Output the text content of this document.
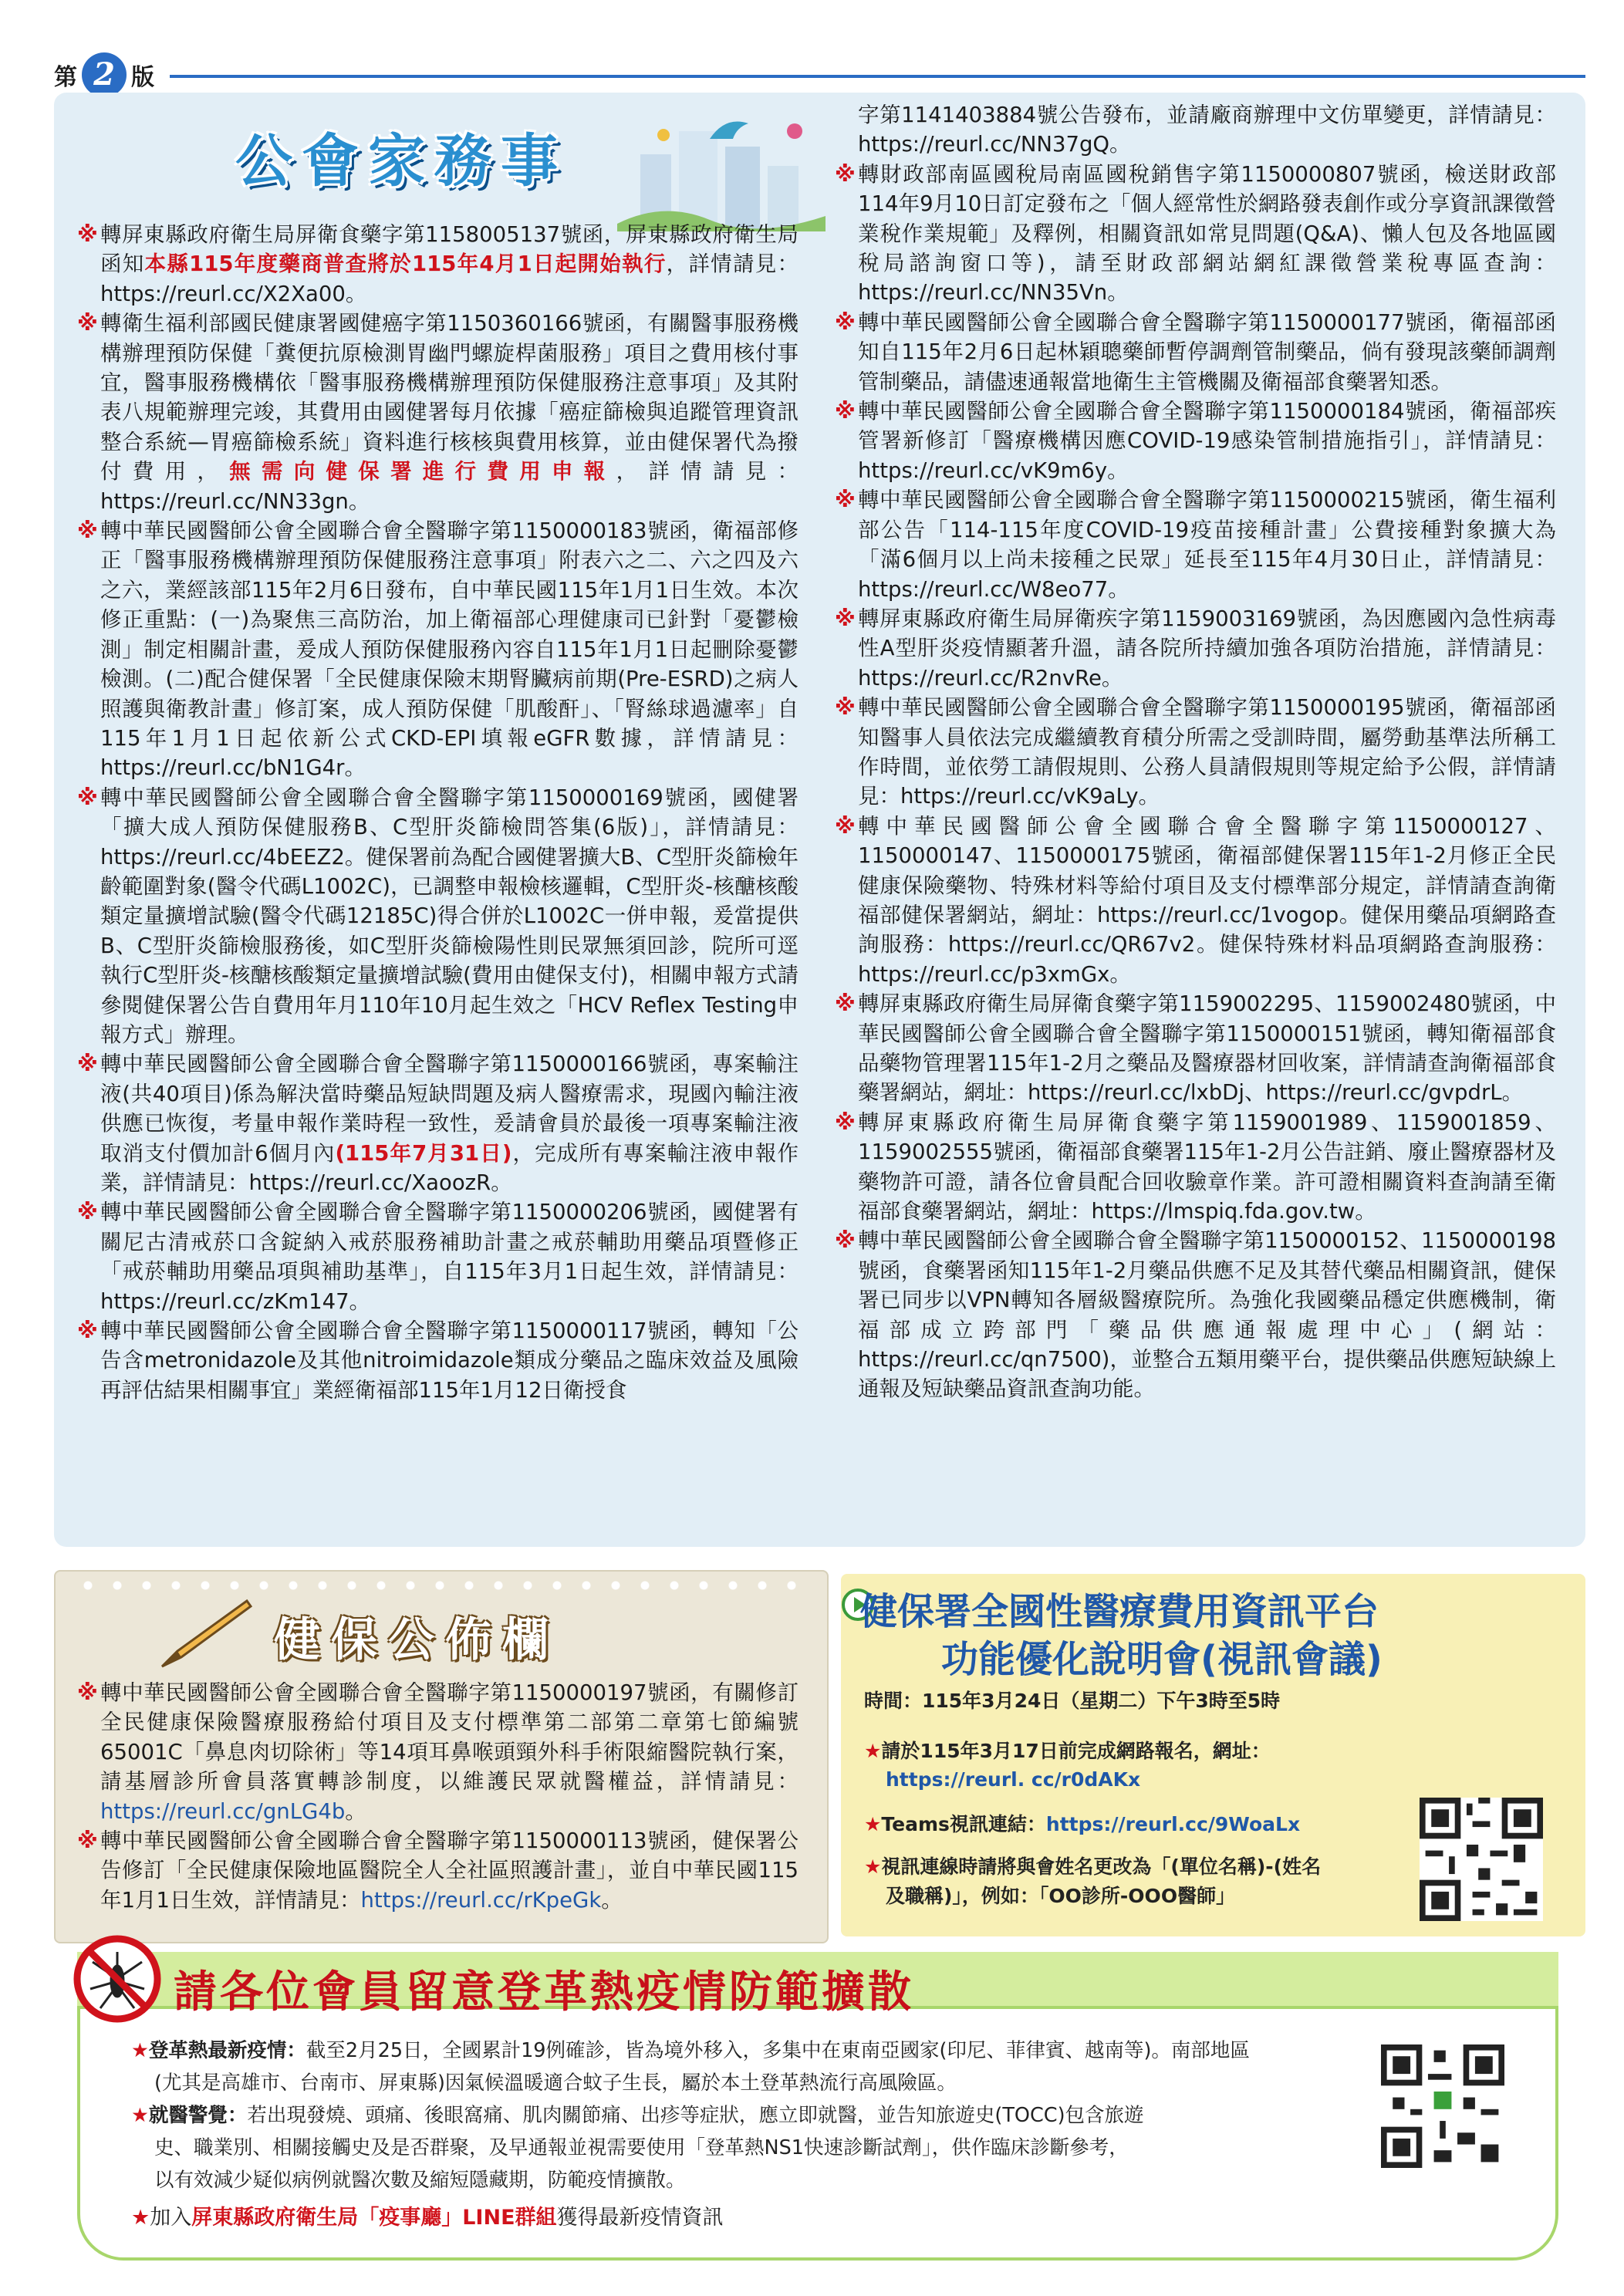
第 2 版
公會家務事

※ 轉屏東縣政府衛生局屏衛食藥字第1158005137號函，屏東縣政府衛生局函知本縣115年度藥商普查將於115年4月1日起開始執行，詳情請見：https://reurl.cc/X2Xa00。

※ 轉衛生福利部國民健康署國健癌字第1150360166號函，有關醫事服務機構辦理預防保健「糞便抗原檢測胃幽門螺旋桿菌服務」項目之費用核付事宜，醫事服務機構依「醫事服務機構辦理預防保健服務注意事項」及其附表八規範辦理完竣，其費用由國健署每月依據「癌症篩檢與追蹤管理資訊整合系統—胃癌篩檢系統」資料進行核核與費用核算，並由健保署代為撥付費用，無需向健保署進行費用申報，詳情請見：https://reurl.cc/NN33gn。

※ 轉中華民國醫師公會全國聯合會全醫聯字第1150000183號函，衛福部修正「醫事服務機構辦理預防保健服務注意事項」附表六之二、六之四及六之六，業經該部115年2月6日發布，自中華民國115年1月1日生效。本次修正重點：(一)為聚焦三高防治，加上衛福部心理健康司已針對「憂鬱檢測」制定相關計畫，爰成人預防保健服務內容自115年1月1日起刪除憂鬱檢測。(二)配合健保署「全民健康保險末期腎臟病前期(Pre-ESRD)之病人照護與衛教計畫」修訂案，成人預防保健「肌酸酐」、「腎絲球過濾率」自115年1月1日起依新公式CKD-EPI填報eGFR數據，詳情請見：https://reurl.cc/bN1G4r。

※ 轉中華民國醫師公會全國聯合會全醫聯字第1150000169號函，國健署「擴大成人預防保健服務B、C型肝炎篩檢問答集(6版)」，詳情請見：https://reurl.cc/4bEEZ2。健保署前為配合國健署擴大B、C型肝炎篩檢年齡範圍對象(醫令代碼L1002C)，已調整申報檢核邏輯，C型肝炎-核醣核酸類定量擴增試驗(醫令代碼12185C)得合併於L1002C一併申報，爰當提供B、C型肝炎篩檢服務後，如C型肝炎篩檢陽性則民眾無須回診，院所可逕執行C型肝炎-核醣核酸類定量擴增試驗(費用由健保支付)，相關申報方式請參閱健保署公告自費用年月110年10月起生效之「HCV Reflex Testing申報方式」辦理。

※ 轉中華民國醫師公會全國聯合會全醫聯字第1150000166號函，專案輸注液(共40項目)係為解決當時藥品短缺問題及病人醫療需求，現國內輸注液供應已恢復，考量申報作業時程一致性，爰請會員於最後一項專案輸注液取消支付價加計6個月內(115年7月31日)，完成所有專案輸注液申報作業，詳情請見：https://reurl.cc/XaoozR。

※ 轉中華民國醫師公會全國聯合會全醫聯字第1150000206號函，國健署有關尼古清戒菸口含錠納入戒菸服務補助計畫之戒菸輔助用藥品項暨修正「戒菸輔助用藥品項與補助基準」，自115年3月1日起生效，詳情請見：https://reurl.cc/zKm147。

※ 轉中華民國醫師公會全國聯合會全醫聯字第1150000117號函，轉知「公告含metronidazole及其他nitroimidazole類成分藥品之臨床效益及風險再評估結果相關事宜」業經衛福部115年1月12日衛授食

字第1141403884號公告發布，並請廠商辦理中文仿單變更，詳情請見：https://reurl.cc/NN37gQ。

※ 轉財政部南區國稅局南區國稅銷售字第1150000807號函，檢送財政部114年9月10日訂定發布之「個人經常性於網路發表創作或分享資訊課徵營業稅作業規範」及釋例，相關資訊如常見問題(Q&A)、懶人包及各地區國稅局諮詢窗口等)，請至財政部網站網紅課徵營業稅專區查詢：https://reurl.cc/NN35Vn。

※ 轉中華民國醫師公會全國聯合會全醫聯字第1150000177號函，衛福部函知自115年2月6日起林穎聰藥師暫停調劑管制藥品，倘有發現該藥師調劑管制藥品，請儘速通報當地衛生主管機關及衛福部食藥署知悉。

※ 轉中華民國醫師公會全國聯合會全醫聯字第1150000184號函，衛福部疾管署新修訂「醫療機構因應COVID-19感染管制措施指引」，詳情請見：https://reurl.cc/vK9m6y。

※ 轉中華民國醫師公會全國聯合會全醫聯字第1150000215號函，衛生福利部公告「114-115年度COVID-19疫苗接種計畫」公費接種對象擴大為「滿6個月以上尚未接種之民眾」延長至115年4月30日止，詳情請見：https://reurl.cc/W8eo77。

※ 轉屏東縣政府衛生局屏衛疾字第1159003169號函，為因應國內急性病毒性A型肝炎疫情顯著升溫，請各院所持續加強各項防治措施，詳情請見：https://reurl.cc/R2nvRe。

※ 轉中華民國醫師公會全國聯合會全醫聯字第1150000195號函，衛福部函知醫事人員依法完成繼續教育積分所需之受訓時間，屬勞動基準法所稱工作時間，並依勞工請假規則、公務人員請假規則等規定給予公假，詳情請見：https://reurl.cc/vK9aLy。

※ 轉中華民國醫師公會全國聯合會全醫聯字第1150000127、1150000147、1150000175號函，衛福部健保署115年1-2月修正全民健康保險藥物、特殊材料等給付項目及支付標準部分規定，詳情請查詢衛福部健保署網站，網址：https://reurl.cc/1vogop。健保用藥品項網路查詢服務：https://reurl.cc/QR67v2。健保特殊材料品項網路查詢服務：https://reurl.cc/p3xmGx。

※ 轉屏東縣政府衛生局屏衛食藥字第1159002295、1159002480號函，中華民國醫師公會全國聯合會全醫聯字第1150000151號函，轉知衛福部食品藥物管理署115年1-2月之藥品及醫療器材回收案，詳情請查詢衛福部食藥署網站，網址：https://reurl.cc/lxbDj、https://reurl.cc/gvpdrL。

※ 轉屏東縣政府衛生局屏衛食藥字第1159001989、1159001859、1159002555號函，衛福部食藥署115年1-2月公告註銷、廢止醫療器材及藥物許可證，請各位會員配合回收驗章作業。許可證相關資料查詢請至衛福部食藥署網站，網址：https://lmspiq.fda.gov.tw。

※ 轉中華民國醫師公會全國聯合會全醫聯字第1150000152、1150000198號函，食藥署函知115年1-2月藥品供應不足及其替代藥品相關資訊，健保署已同步以VPN轉知各層級醫療院所。為強化我國藥品穩定供應機制，衛福部成立跨部門「藥品供應通報處理中心」(網站：https://reurl.cc/qn7500)，並整合五類用藥平台，提供藥品供應短缺線上通報及短缺藥品資訊查詢功能。

健保公佈欄

※ 轉中華民國醫師公會全國聯合會全醫聯字第1150000197號函，有關修訂全民健康保險醫療服務給付項目及支付標準第二部第二章第七節編號65001C「鼻息肉切除術」等14項耳鼻喉頭頸外科手術限縮醫院執行案，請基層診所會員落實轉診制度，以維護民眾就醫權益，詳情請見：https://reurl.cc/gnLG4b。

※ 轉中華民國醫師公會全國聯合會全醫聯字第1150000113號函，健保署公告修訂「全民健康保險地區醫院全人全社區照護計畫」，並自中華民國115年1月1日生效，詳情請見：https://reurl.cc/rKpeGk。

健保署全國性醫療費用資訊平台
功能優化說明會(視訊會議)
時間：115年3月24日（星期二）下午3時至5時
★請於115年3月17日前完成網路報名，網址：
https://reurl. cc/r0dAKx
★Teams視訊連結：https://reurl.cc/9WoaLx
★視訊連線時請將與會姓名更改為「(單位名稱)-(姓名
及職稱)」，例如：「OO診所-OOO醫師」
請各位會員留意登革熱疫情防範擴散
★登革熱最新疫情：截至2月25日，全國累計19例確診，皆為境外移入，多集中在東南亞國家(印尼、菲律賓、越南等)。南部地區
(尤其是高雄市、台南市、屏東縣)因氣候溫暖適合蚊子生長，屬於本土登革熱流行高風險區。
★就醫警覺：若出現發燒、頭痛、後眼窩痛、肌肉關節痛、出疹等症狀，應立即就醫，並告知旅遊史(TOCC)包含旅遊
史、職業別、相關接觸史及是否群聚，及早通報並視需要使用「登革熱NS1快速診斷試劑」，供作臨床診斷參考，
以有效減少疑似病例就醫次數及縮短隱藏期，防範疫情擴散。
★加入屏東縣政府衛生局「疫事廳」LINE群組獲得最新疫情資訊
